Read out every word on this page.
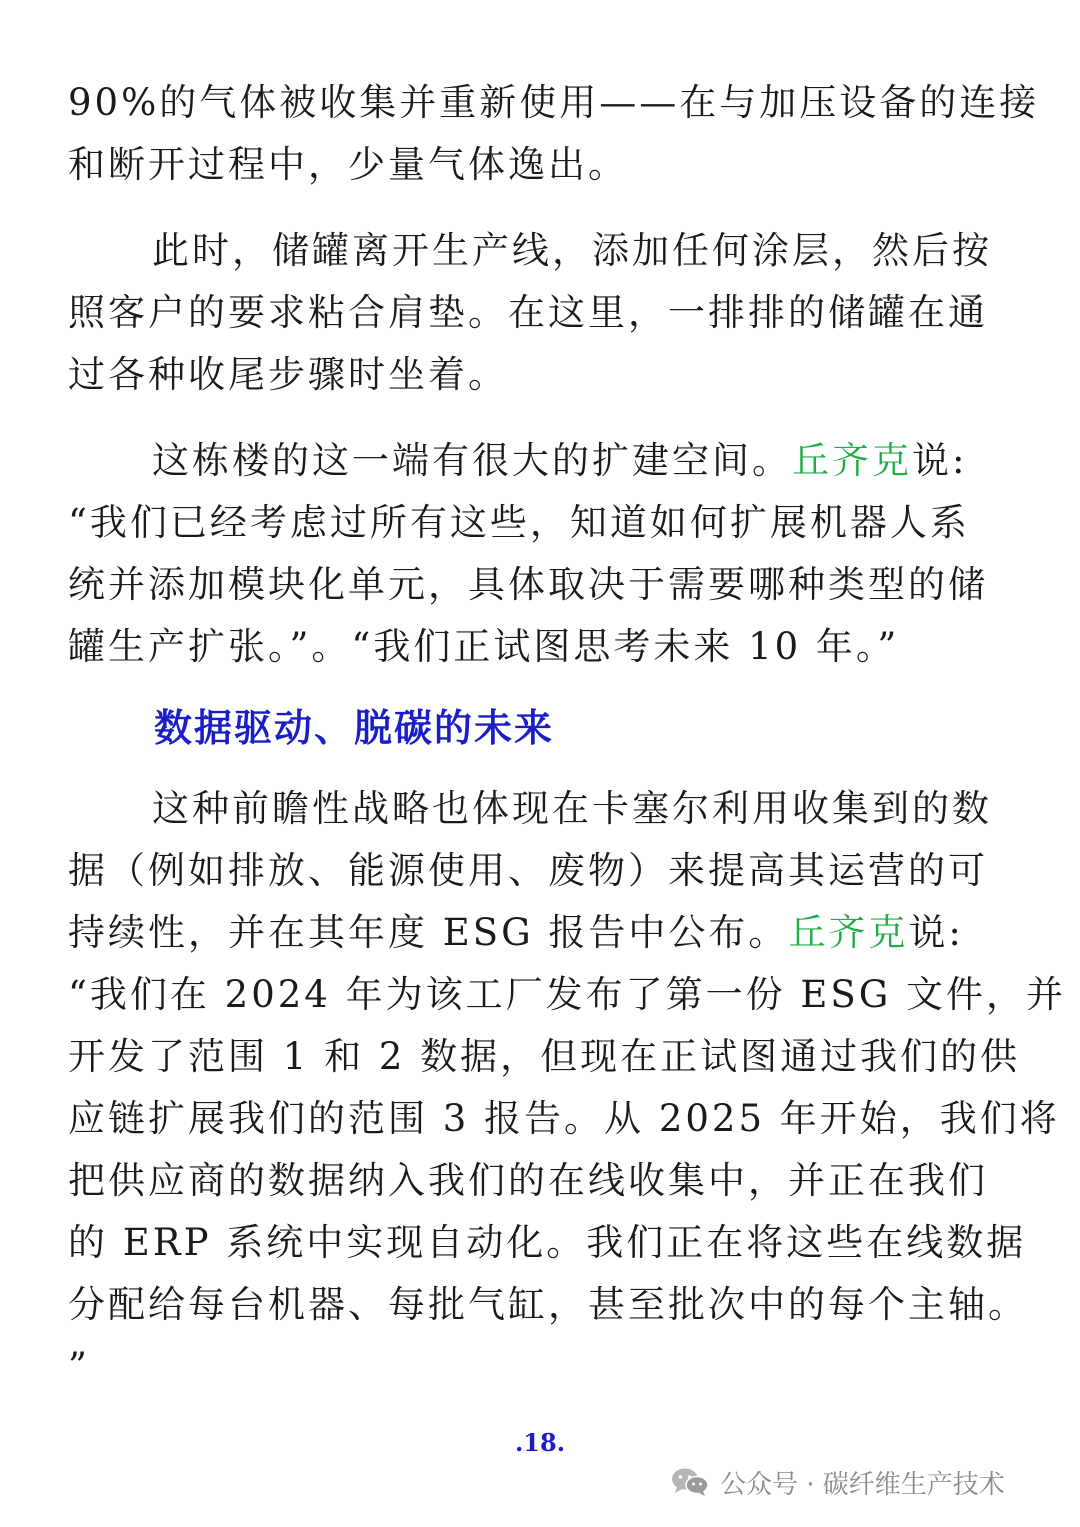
90%的气体被收集并重新使用——在与加压设备的连接
和断开过程中，少量气体逸出。
此时，储罐离开生产线，添加任何涂层，然后按
照客户的要求粘合肩垫。在这里，一排排的储罐在通
过各种收尾步骤时坐着。
这栋楼的这一端有很大的扩建空间。丘齐克说:
“我们已经考虑过所有这些，知道如何扩展机器人系
统并添加模块化单元，具体取决于需要哪种类型的储
罐生产扩张。”。“我们正试图思考未来 10 年。”
数据驱动、脱碳的未来
这种前瞻性战略也体现在卡塞尔利用收集到的数
据（例如排放、能源使用、废物）来提高其运营的可
持续性，并在其年度 ESG 报告中公布。丘齐克说:
“我们在 2024 年为该工厂发布了第一份 ESG 文件，并
开发了范围 1 和 2 数据，但现在正试图通过我们的供
应链扩展我们的范围 3 报告。从 2025 年开始，我们将
把供应商的数据纳入我们的在线收集中，并正在我们
的 ERP 系统中实现自动化。我们正在将这些在线数据
分配给每台机器、每批气缸，甚至批次中的每个主轴。
”
.18.
公众号 · 碳纤维生产技术
